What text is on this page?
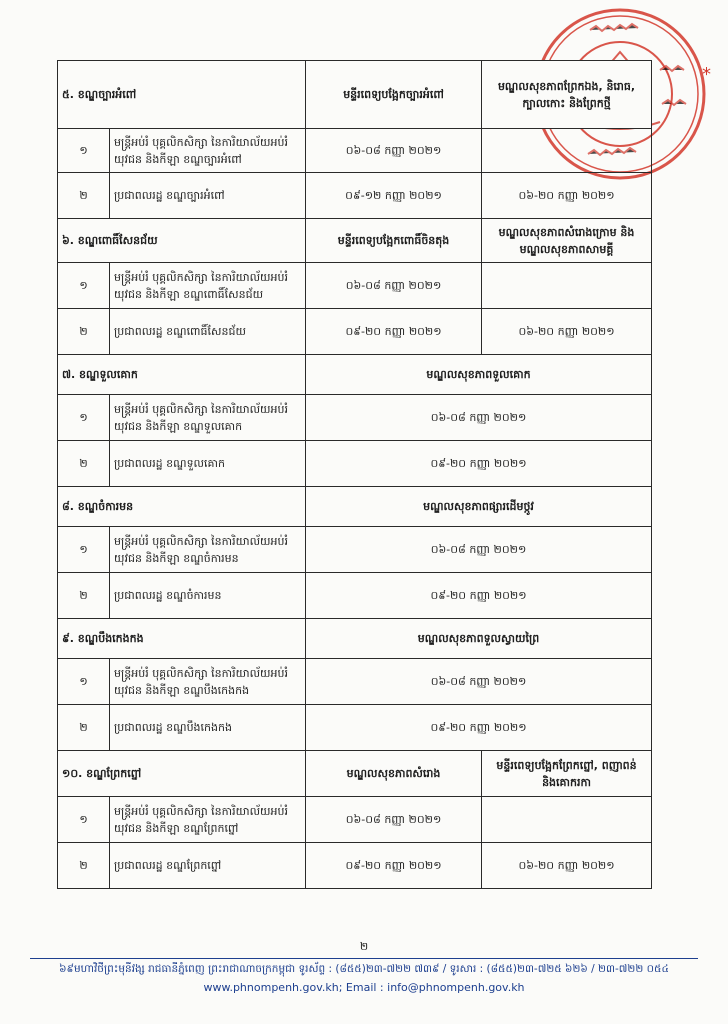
*
៥. ខណ្ឌច្បារអំពៅ		មន្ទីរពេទ្យបង្អែកច្បារអំពៅ	មណ្ឌលសុខភាពព្រែកឯង, និរោធ, ក្បាលកោះ និងព្រែកថ្មី
១	មន្ត្រីអប់រំ បុគ្គលិកសិក្សា នៃការិយាល័យអប់រំ យុវជន និងកីឡា ខណ្ឌច្បារអំពៅ	០៦-០៨ កញ្ញា ២០២១	
២	ប្រជាពលរដ្ឋ ខណ្ឌច្បារអំពៅ	០៩-១២ កញ្ញា ២០២១	០៦-២០ កញ្ញា ២០២១
៦. ខណ្ឌពោធិ៍សែនជ័យ		មន្ទីរពេទ្យបង្អែកពោធិ៍ចិនតុង	មណ្ឌលសុខភាពសំរោងក្រោម និងមណ្ឌលសុខភាពសាមគ្គី
១	មន្ត្រីអប់រំ បុគ្គលិកសិក្សា នៃការិយាល័យអប់រំ យុវជន និងកីឡា ខណ្ឌពោធិ៍សែនជ័យ	០៦-០៨ កញ្ញា ២០២១	
២	ប្រជាពលរដ្ឋ ខណ្ឌពោធិ៍សែនជ័យ	០៩-២០ កញ្ញា ២០២១	០៦-២០ កញ្ញា ២០២១
៧. ខណ្ឌទួលគោក		មណ្ឌលសុខភាពទួលគោក	
១	មន្ត្រីអប់រំ បុគ្គលិកសិក្សា នៃការិយាល័យអប់រំ យុវជន និងកីឡា ខណ្ឌទួលគោក	០៦-០៨ កញ្ញា ២០២១	
២	ប្រជាពលរដ្ឋ ខណ្ឌទួលគោក	០៩-២០ កញ្ញា ២០២១	
៨. ខណ្ឌចំការមន		មណ្ឌលសុខភាពផ្សារដើមថ្កូវ	
១	មន្ត្រីអប់រំ បុគ្គលិកសិក្សា នៃការិយាល័យអប់រំ យុវជន និងកីឡា ខណ្ឌចំការមន	០៦-០៨ កញ្ញា ២០២១	
២	ប្រជាពលរដ្ឋ ខណ្ឌចំការមន	០៩-២០ កញ្ញា ២០២១	
៩. ខណ្ឌបឹងកេងកង		មណ្ឌលសុខភាពទួលស្វាយព្រៃ	
១	មន្ត្រីអប់រំ បុគ្គលិកសិក្សា នៃការិយាល័យអប់រំ យុវជន និងកីឡា ខណ្ឌបឹងកេងកង	០៦-០៨ កញ្ញា ២០២១	
២	ប្រជាពលរដ្ឋ ខណ្ឌបឹងកេងកង	០៩-២០ កញ្ញា ២០២១	
១០. ខណ្ឌព្រែកព្នៅ		មណ្ឌលសុខភាពសំរោង	មន្ទីរពេទ្យបង្អែកព្រែកព្នៅ, ពញាពន់ និងគោករកា
១	មន្ត្រីអប់រំ បុគ្គលិកសិក្សា នៃការិយាល័យអប់រំ យុវជន និងកីឡា ខណ្ឌព្រែកព្នៅ	០៦-០៨ កញ្ញា ២០២១	
២	ប្រជាពលរដ្ឋ ខណ្ឌព្រែកព្នៅ	០៩-២០ កញ្ញា ២០២១	០៦-២០ កញ្ញា ២០២១
២
៦៩មហាវិថីព្រះមុនីវង្ស រាជធានីភ្នំពេញ ព្រះរាជាណាចក្រកម្ពុជា ទូរស័ព្ទ : (៨៥៥)២៣-៧២២ ៧៣៩ / ទូរសារ : (៨៥៥)២៣-៧២៥ ៦២៦ / ២៣-៧២២ ០៥៤
www.phnompenh.gov.kh; Email : info@phnompenh.gov.kh
